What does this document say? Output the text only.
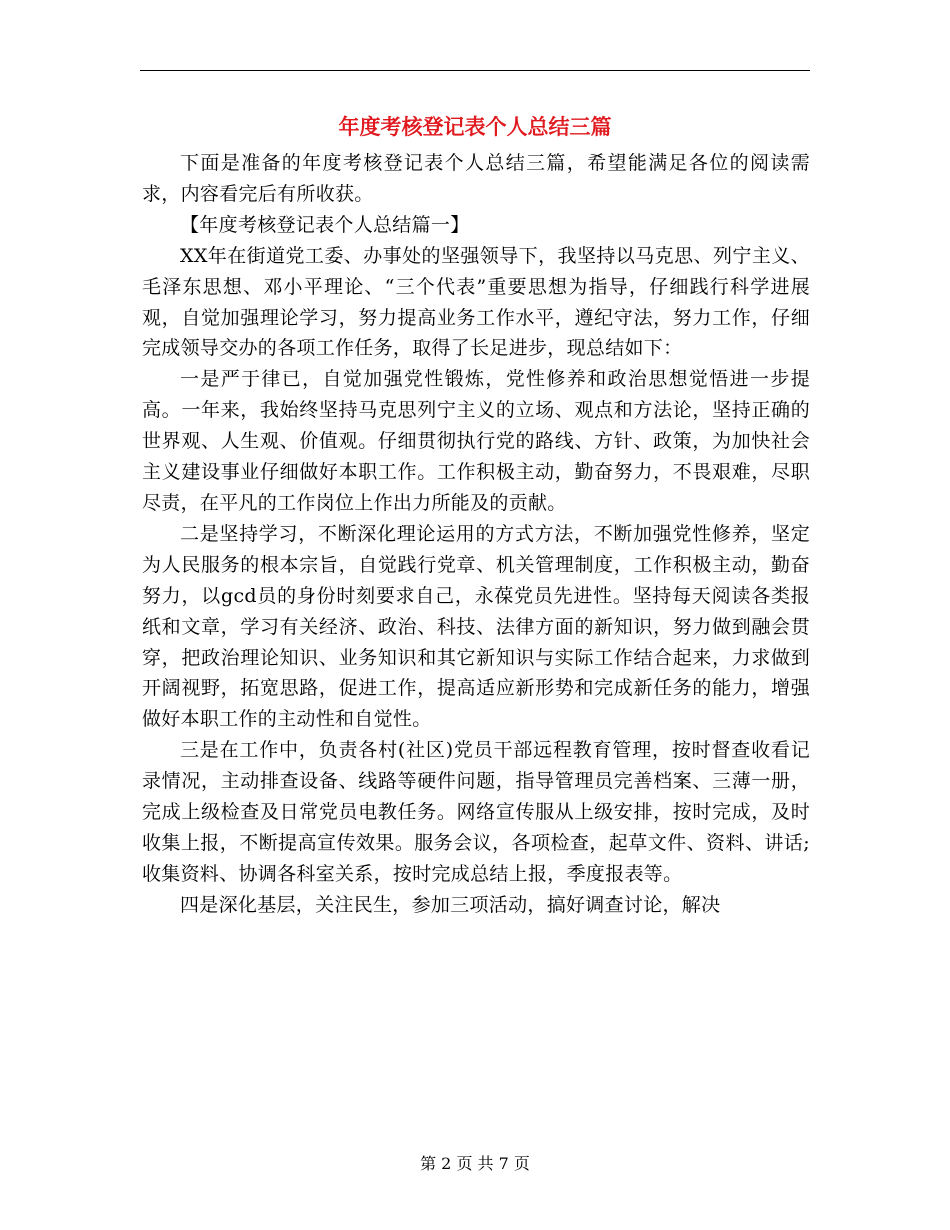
年度考核登记表个人总结三篇

下面是准备的年度考核登记表个人总结三篇，希望能满足各位的阅读需求，内容看完后有所收获。

【年度考核登记表个人总结篇一】

XX年在街道党工委、办事处的坚强领导下，我坚持以马克思、列宁主义、毛泽东思想、邓小平理论、“三个代表”重要思想为指导，仔细践行科学进展观，自觉加强理论学习，努力提高业务工作水平，遵纪守法，努力工作，仔细完成领导交办的各项工作任务，取得了长足进步，现总结如下：

一是严于律已，自觉加强党性锻炼，党性修养和政治思想觉悟进一步提高。一年来，我始终坚持马克思列宁主义的立场、观点和方法论，坚持正确的世界观、人生观、价值观。仔细贯彻执行党的路线、方针、政策，为加快社会主义建设事业仔细做好本职工作。工作积极主动，勤奋努力，不畏艰难，尽职尽责，在平凡的工作岗位上作出力所能及的贡献。

二是坚持学习，不断深化理论运用的方式方法，不断加强党性修养，坚定为人民服务的根本宗旨，自觉践行党章、机关管理制度，工作积极主动，勤奋努力，以gcd员的身份时刻要求自己，永葆党员先进性。坚持每天阅读各类报纸和文章，学习有关经济、政治、科技、法律方面的新知识，努力做到融会贯穿，把政治理论知识、业务知识和其它新知识与实际工作结合起来，力求做到开阔视野，拓宽思路，促进工作，提高适应新形势和完成新任务的能力，增强做好本职工作的主动性和自觉性。

三是在工作中，负责各村(社区)党员干部远程教育管理，按时督查收看记录情况，主动排查设备、线路等硬件问题，指导管理员完善档案、三薄一册，完成上级检查及日常党员电教任务。网络宣传服从上级安排，按时完成，及时收集上报，不断提高宣传效果。服务会议，各项检查，起草文件、资料、讲话;收集资料、协调各科室关系，按时完成总结上报，季度报表等。

四是深化基层，关注民生，参加三项活动，搞好调查讨论，解决

第 2 页 共 7 页
